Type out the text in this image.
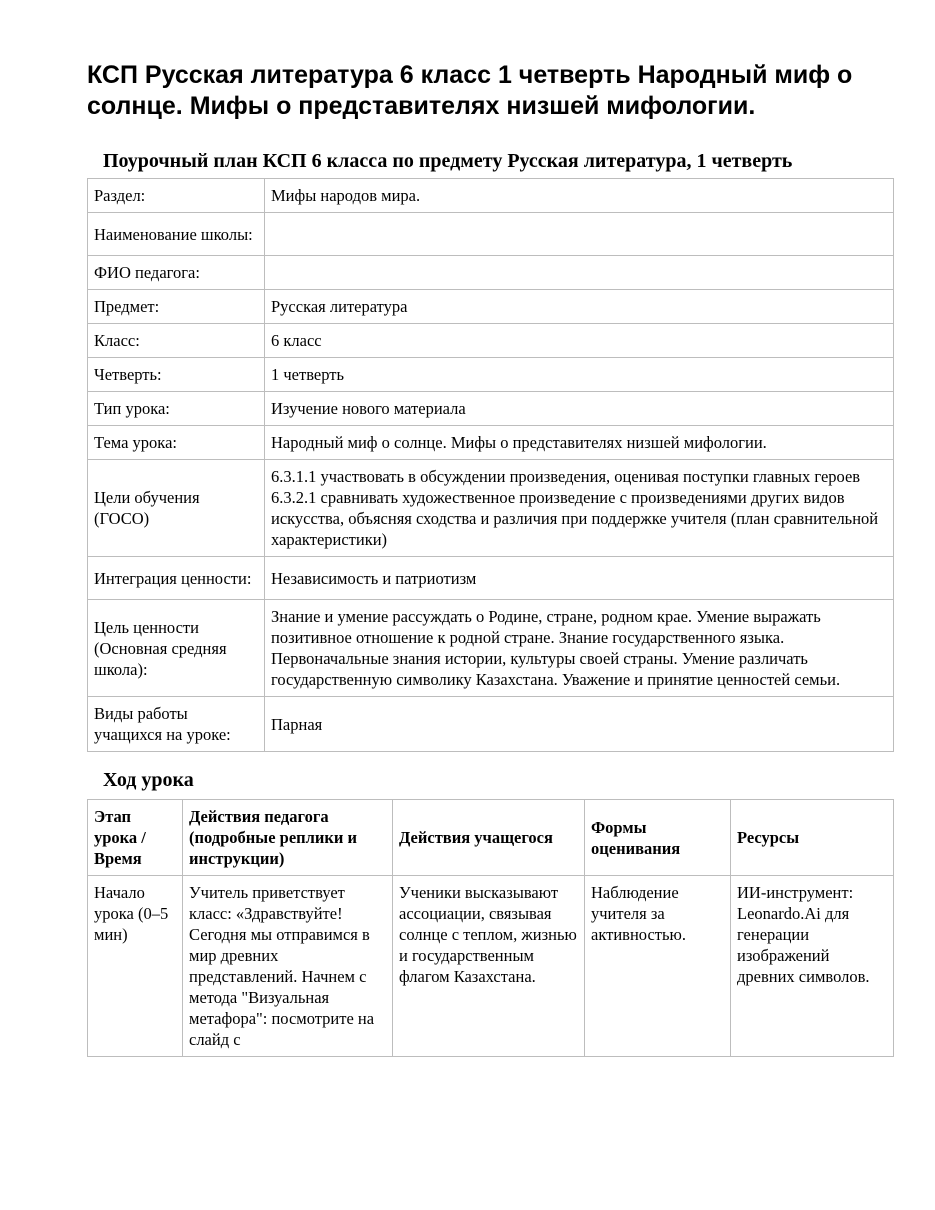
КСП Русская литература 6 класс 1 четверть Народный миф о солнце. Мифы о представителях низшей мифологии.
Поурочный план КСП 6 класса по предмету Русская литература, 1 четверть
Раздел:	Мифы народов мира.
Наименование школы:	
ФИО педагога:	
Предмет:	Русская литература
Класс:	6 класс
Четверть:	1 четверть
Тип урока:	Изучение нового материала
Тема урока:	Народный миф о солнце. Мифы о представителях низшей мифологии.
Цели обучения (ГОСО)	6.3.1.1 участвовать в обсуждении произведения, оценивая поступки главных героев 6.3.2.1 сравнивать художественное произведение с произведениями других видов искусства, объясняя сходства и различия при поддержке учителя (план сравнительной характеристики)
Интеграция ценности:	Независимость и патриотизм
Цель ценности (Основная средняя школа):	Знание и умение рассуждать о Родине, стране, родном крае. Умение выражать позитивное отношение к родной стране. Знание государственного языка. Первоначальные знания истории, культуры своей страны. Умение различать государственную символику Казахстана. Уважение и принятие ценностей семьи.
Виды работы учащихся на уроке:	Парная
Ход урока
Этап урока / Время	Действия педагога (подробные реплики и инструкции)	Действия учащегося	Формы оценивания	Ресурсы
Начало урока (0–5 мин)	Учитель приветствует класс: «Здравствуйте! Сегодня мы отправимся в мир древних представлений. Начнем с метода "Визуальная метафора": посмотрите на слайд с	Ученики высказывают ассоциации, связывая солнце с теплом, жизнью и государственным флагом Казахстана.	Наблюдение учителя за активностью.	ИИ-инструмент: Leonardo.Ai для генерации изображений древних символов.
